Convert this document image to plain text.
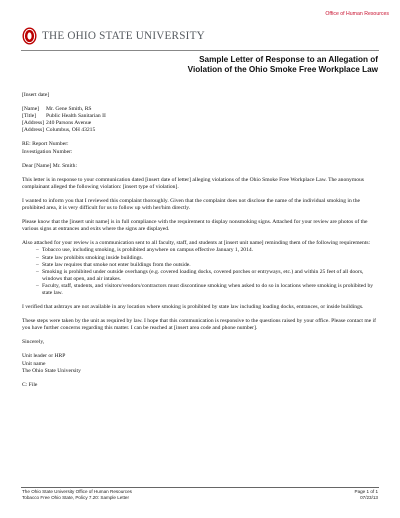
Office of Human Resources
THE OHIO STATE UNIVERSITY
Sample Letter of Response to an Allegation of
Violation of the Ohio Smoke Free Workplace Law

[Insert date]

[Name]	Mr. Gene Smith, RS
[Title]	Public Health Sanitarian II
[Address] 240 Parsons Avenue
[Address] Columbus, OH 43215

RE: Report Number:

Investigation Number:

Dear [Name] Mr. Smith:

This letter is in response to your communication dated [insert date of letter] alleging violations of the Ohio Smoke Free Workplace Law. The anonymous complainant alleged the following violation: [insert type of violation].

I wanted to inform you that I reviewed this complaint thoroughly. Given that the complaint does not disclose the name of the individual smoking in the prohibited area, it is very difficult for us to follow up with her/him directly.

Please know that the [insert unit name] is in full compliance with the requirement to display nonsmoking signs. Attached for your review are photos of the various signs at entrances and exits where the signs are displayed.

Also attached for your review is a communication sent to all faculty, staff, and students at [insert unit name] reminding them of the following requirements:

– Tobacco use, including smoking, is prohibited anywhere on campus effective January 1, 2014.
– State law prohibits smoking inside buildings.
– State law requires that smoke not enter buildings from the outside.
– Smoking is prohibited under outside overhangs (e.g. covered loading docks, covered porches or entryways, etc.) and within 25 feet of all doors, windows that open, and air intakes.
– Faculty, staff, students, and visitors/vendors/contractors must discontinue smoking when asked to do so in locations where smoking is prohibited by state law.

I verified that ashtrays are not available in any location where smoking is prohibited by state law including loading docks, entrances, or inside buildings.

These steps were taken by the unit as required by law. I hope that this communication is responsive to the questions raised by your office. Please contact me if you have further concerns regarding this matter. I can be reached at [insert area code and phone number].

Sincerely,

Unit leader or HRP

Unit name

The Ohio State University

C: File

The Ohio State University Office of Human Resources
Tobacco Free Ohio State, Policy 7.20: Sample Letter
Page 1 of 1
07/23/13
